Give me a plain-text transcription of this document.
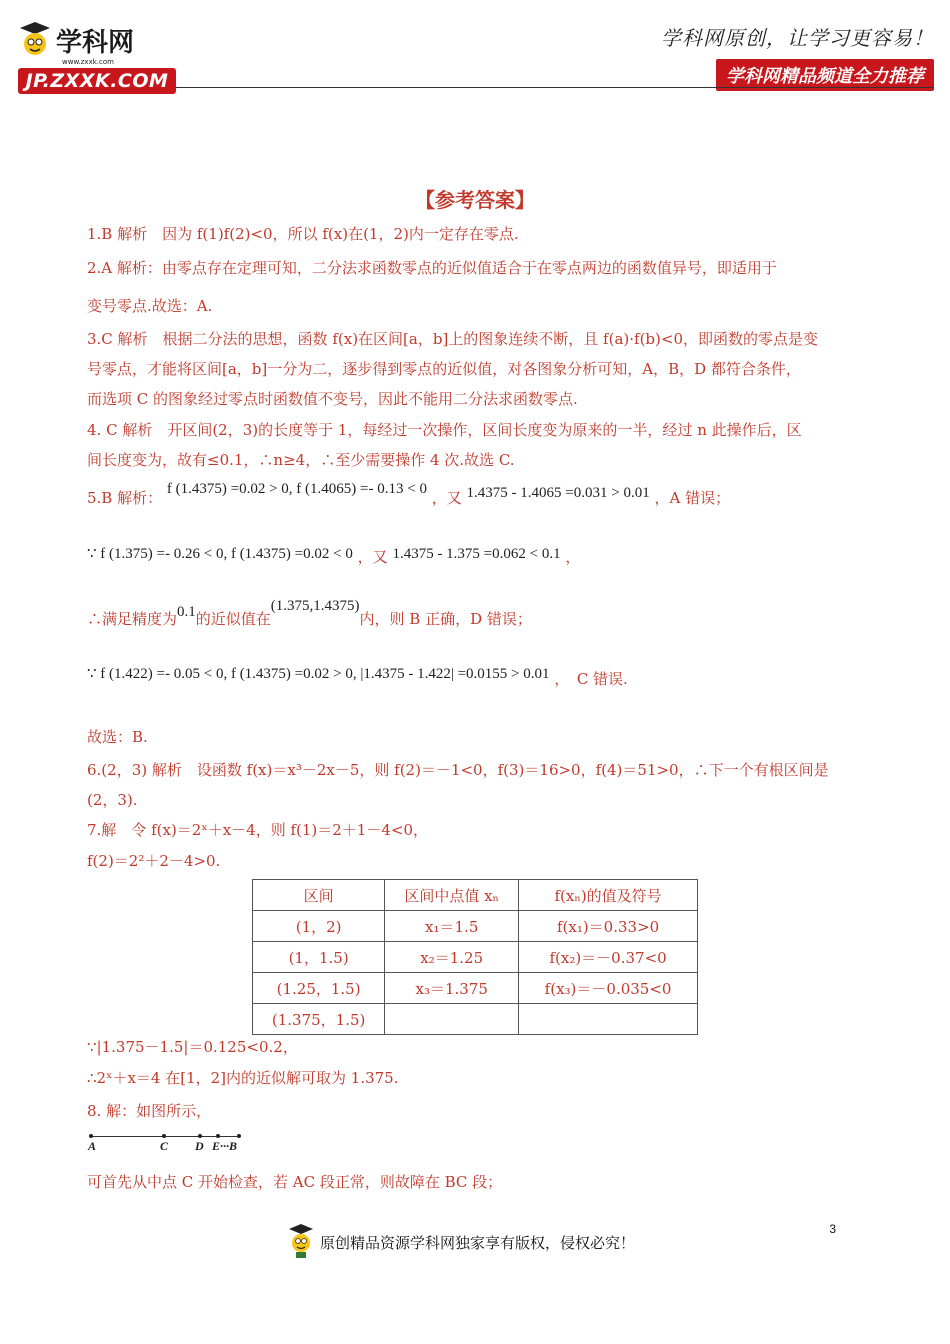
学科网
www.zxxk.com
JP.ZXXK.COM
学科网原创，让学习更容易！
学科网精品频道全力推荐
【参考答案】
1.B 解析　因为 f(1)f(2)<0，所以 f(x)在(1，2)内一定存在零点.
2.A 解析：由零点存在定理可知，二分法求函数零点的近似值适合于在零点两边的函数值异号，即适用于
变号零点.故选：A.
3.C 解析　根据二分法的思想，函数 f(x)在区间[a，b]上的图象连续不断，且 f(a)·f(b)<0，即函数的零点是变
号零点，才能将区间[a，b]一分为二，逐步得到零点的近似值，对各图象分析可知，A，B，D 都符合条件，
而选项 C 的图象经过零点时函数值不变号，因此不能用二分法求函数零点.
4. C 解析　开区间(2，3)的长度等于 1，每经过一次操作，区间长度变为原来的一半，经过 n 此操作后，区
间长度变为，故有≤0.1，∴n≥4，∴至少需要操作 4 次.故选 C.
5.B 解析： f (1.4375) =0.02 > 0, f (1.4065) =- 0.13 < 0 ，又 1.4375 - 1.4065 =0.031 > 0.01 ，A 错误；
∵ f (1.375) =- 0.26 < 0, f (1.4375) =0.02 < 0 ，又 1.4375 - 1.375 =0.062 < 0.1 ，
∴满足精度为0.1的近似值在(1.375,1.4375)内，则 B 正确，D 错误；
∵ f (1.422) =- 0.05 < 0, f (1.4375) =0.02 > 0, |1.4375 - 1.422| =0.0155 > 0.01 ，　C 错误.
故选：B.
6.(2，3) 解析　设函数 f(x)＝x³－2x－5，则 f(2)＝－1<0，f(3)＝16>0，f(4)＝51>0，∴下一个有根区间是
(2，3).
7.解　令 f(x)＝2ˣ＋x－4，则 f(1)＝2＋1－4<0，
f(2)＝2²＋2－4>0.
区间	区间中点值 xₙ	f(xₙ)的值及符号
(1，2)	x₁＝1.5	f(x₁)＝0.33>0
(1，1.5)	x₂＝1.25	f(x₂)＝－0.37<0
(1.25，1.5)	x₃＝1.375	f(x₃)＝－0.035<0
(1.375，1.5)		
∵|1.375－1.5|＝0.125<0.2，
∴2ˣ＋x＝4 在[1，2]内的近似解可取为 1.375.
8. 解：如图所示，
A	C D E···B
可首先从中点 C 开始检查，若 AC 段正常，则故障在 BC 段；
原创精品资源学科网独家享有版权，侵权必究！
3
